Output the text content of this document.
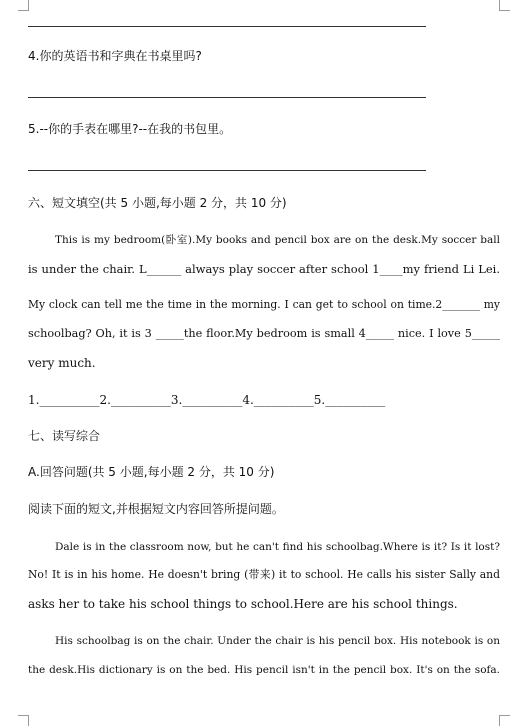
4.你的英语书和字典在书桌里吗?
5.--你的手表在哪里?--在我的书包里。
六、短文填空(共 5 小题,每小题 2 分，共 10 分)
This is my bedroom(卧室).My books and pencil box are on the desk.My soccer ball
is under the chair. L______ always play soccer after school 1____my friend Li Lei.
My clock can tell me the time in the morning. I can get to school on time.2_______ my
schoolbag? Oh, it is 3 _____the floor.My bedroom is small 4_____ nice. I love 5_____
very much.
1.__________2.__________3.__________4.__________5.__________
七、读写综合
A.回答问题(共 5 小题,每小题 2 分，共 10 分)
阅读下面的短文,并根据短文内容回答所提问题。
Dale is in the classroom now, but he can't find his schoolbag.Where is it? Is it lost?
No! It is in his home. He doesn't bring (带来) it to school. He calls his sister Sally and
asks her to take his school things to school.Here are his school things.
His schoolbag is on the chair. Under the chair is his pencil box. His notebook is on
the desk.His dictionary is on the bed. His pencil isn't in the pencil box. It's on the sofa.
